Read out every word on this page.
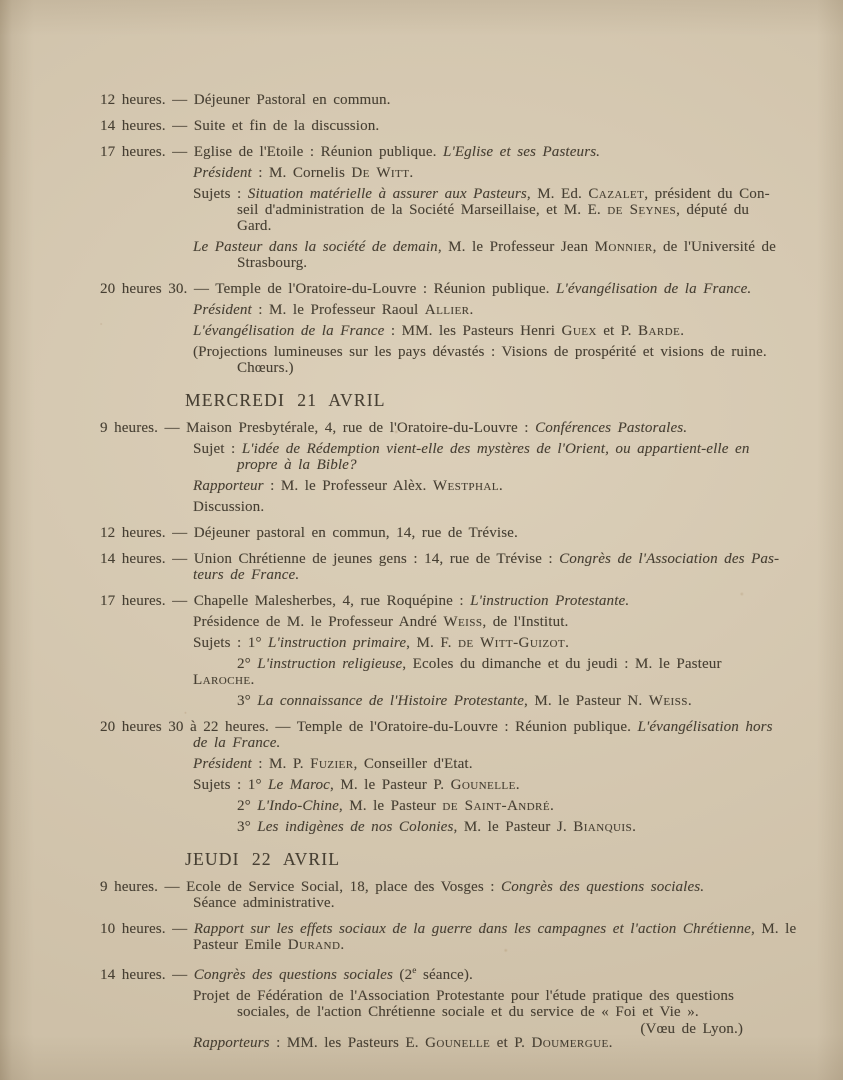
12 heures. — Déjeuner Pastoral en commun.
14 heures. — Suite et fin de la discussion.
17 heures. — Eglise de l'Etoile : Réunion publique. L'Eglise et ses Pasteurs.
Président : M. Cornelis De Witt.
Sujets : Situation matérielle à assurer aux Pasteurs, M. Ed. Cazalet, président du Con-
seil d'administration de la Société Marseillaise, et M. E. de Seynes, député du
Gard.
Le Pasteur dans la société de demain, M. le Professeur Jean Monnier, de l'Université de
Strasbourg.
20 heures 30. — Temple de l'Oratoire-du-Louvre : Réunion publique. L'évangélisation de la France.
Président : M. le Professeur Raoul Allier.
L'évangélisation de la France : MM. les Pasteurs Henri Guex et P. Barde.
(Projections lumineuses sur les pays dévastés : Visions de prospérité et visions de ruine.
Chœurs.)
MERCREDI 21 AVRIL
9 heures. — Maison Presbytérale, 4, rue de l'Oratoire-du-Louvre : Conférences Pastorales.
Sujet : L'idée de Rédemption vient-elle des mystères de l'Orient, ou appartient-elle en
propre à la Bible?
Rapporteur : M. le Professeur Alèx. Westphal.
Discussion.
12 heures. — Déjeuner pastoral en commun, 14, rue de Trévise.
14 heures. — Union Chrétienne de jeunes gens : 14, rue de Trévise : Congrès de l'Association des Pas-
teurs de France.
17 heures. — Chapelle Malesherbes, 4, rue Roquépine : L'instruction Protestante.
Présidence de M. le Professeur André Weiss, de l'Institut.
Sujets : 1° L'instruction primaire, M. F. de Witt-Guizot.
2° L'instruction religieuse, Ecoles du dimanche et du jeudi : M. le Pasteur
Laroche.
3° La connaissance de l'Histoire Protestante, M. le Pasteur N. Weiss.
20 heures 30 à 22 heures. — Temple de l'Oratoire-du-Louvre : Réunion publique. L'évangélisation hors
de la France.
Président : M. P. Fuzier, Conseiller d'Etat.
Sujets : 1° Le Maroc, M. le Pasteur P. Gounelle.
2° L'Indo-Chine, M. le Pasteur de Saint-André.
3° Les indigènes de nos Colonies, M. le Pasteur J. Bianquis.
JEUDI 22 AVRIL
9 heures. — Ecole de Service Social, 18, place des Vosges : Congrès des questions sociales.
Séance administrative.
10 heures. — Rapport sur les effets sociaux de la guerre dans les campagnes et l'action Chrétienne, M. le
Pasteur Emile Durand.
14 heures. — Congrès des questions sociales (2e séance).
Projet de Fédération de l'Association Protestante pour l'étude pratique des questions
sociales, de l'action Chrétienne sociale et du service de « Foi et Vie ».
(Vœu de Lyon.)
Rapporteurs : MM. les Pasteurs E. Gounelle et P. Doumergue.
